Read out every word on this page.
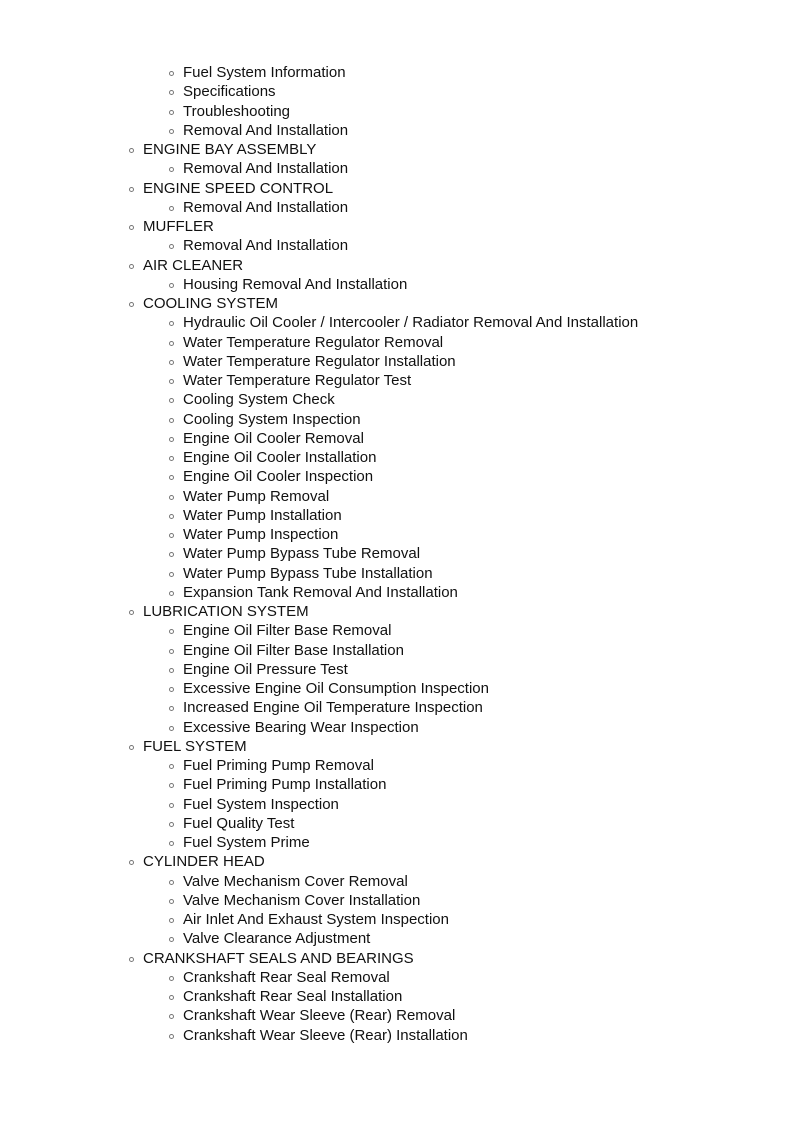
Fuel System Information
Specifications
Troubleshooting
Removal And Installation
ENGINE BAY ASSEMBLY
Removal And Installation
ENGINE SPEED CONTROL
Removal And Installation
MUFFLER
Removal And Installation
AIR CLEANER
Housing Removal And Installation
COOLING SYSTEM
Hydraulic Oil Cooler / Intercooler / Radiator Removal And Installation
Water Temperature Regulator Removal
Water Temperature Regulator Installation
Water Temperature Regulator Test
Cooling System Check
Cooling System Inspection
Engine Oil Cooler Removal
Engine Oil Cooler Installation
Engine Oil Cooler Inspection
Water Pump Removal
Water Pump Installation
Water Pump Inspection
Water Pump Bypass Tube Removal
Water Pump Bypass Tube Installation
Expansion Tank Removal And Installation
LUBRICATION SYSTEM
Engine Oil Filter Base Removal
Engine Oil Filter Base Installation
Engine Oil Pressure Test
Excessive Engine Oil Consumption Inspection
Increased Engine Oil Temperature Inspection
Excessive Bearing Wear Inspection
FUEL SYSTEM
Fuel Priming Pump Removal
Fuel Priming Pump Installation
Fuel System Inspection
Fuel Quality Test
Fuel System Prime
CYLINDER HEAD
Valve Mechanism Cover Removal
Valve Mechanism Cover Installation
Air Inlet And Exhaust System Inspection
Valve Clearance Adjustment
CRANKSHAFT SEALS AND BEARINGS
Crankshaft Rear Seal Removal
Crankshaft Rear Seal Installation
Crankshaft Wear Sleeve (Rear) Removal
Crankshaft Wear Sleeve (Rear) Installation
